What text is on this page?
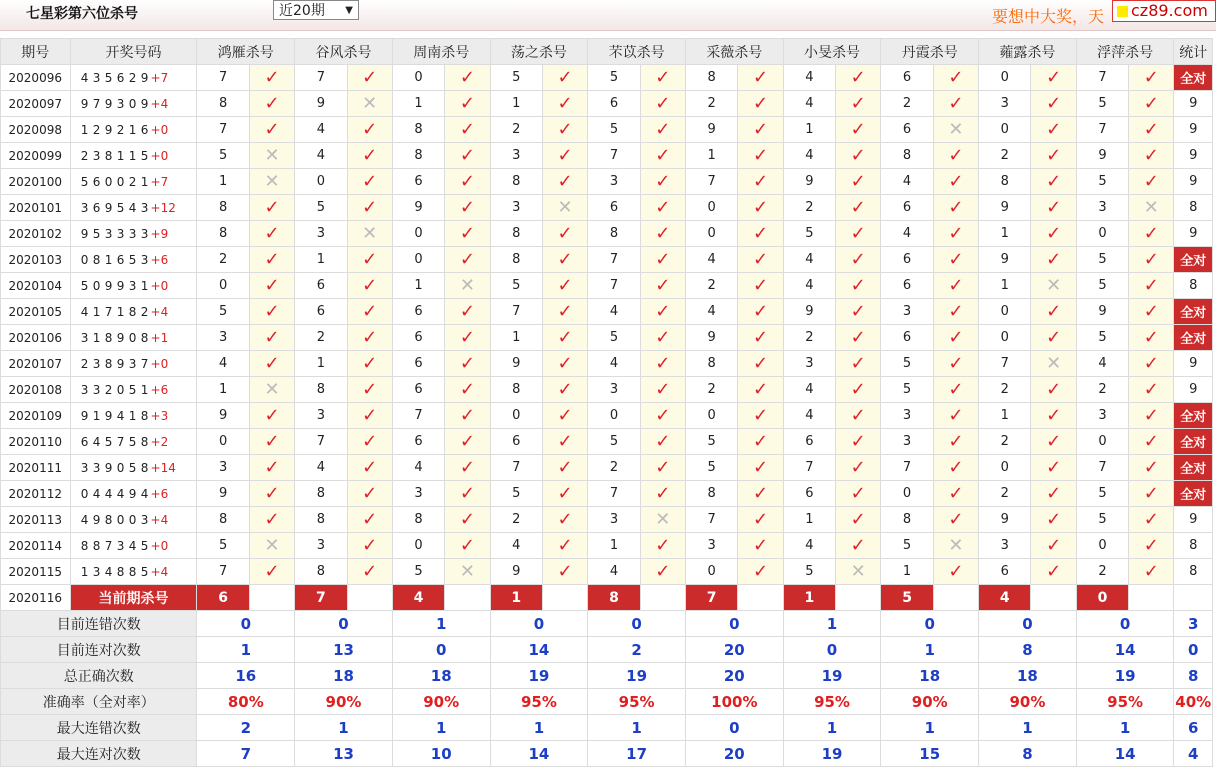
七星彩第六位杀号	近20期 ▼	要想中大奖，天	cz89.com
期号	开奖号码	鸿雁杀号		谷风杀号		周南杀号		荡之杀号		芣苡杀号		采薇杀号		小旻杀号		丹霞杀号		蕹露杀号		浮萍杀号		统计
2020096	4 3 5 6 2 9 +7	7	✓	7	✓	0	✓	5	✓	5	✓	8	✓	4	✓	6	✓	0	✓	7	✓	全对
2020097	9 7 9 3 0 9 +4	8	✓	9	✕	1	✓	1	✓	6	✓	2	✓	4	✓	2	✓	3	✓	5	✓	9
2020098	1 2 9 2 1 6 +0	7	✓	4	✓	8	✓	2	✓	5	✓	9	✓	1	✓	6	✕	0	✓	7	✓	9
2020099	2 3 8 1 1 5 +0	5	✕	4	✓	8	✓	3	✓	7	✓	1	✓	4	✓	8	✓	2	✓	9	✓	9
2020100	5 6 0 0 2 1 +7	1	✕	0	✓	6	✓	8	✓	3	✓	7	✓	9	✓	4	✓	8	✓	5	✓	9
2020101	3 6 9 5 4 3 +12	8	✓	5	✓	9	✓	3	✕	6	✓	0	✓	2	✓	6	✓	9	✓	3	✕	8
2020102	9 5 3 3 3 3 +9	8	✓	3	✕	0	✓	8	✓	8	✓	0	✓	5	✓	4	✓	1	✓	0	✓	9
2020103	0 8 1 6 5 3 +6	2	✓	1	✓	0	✓	8	✓	7	✓	4	✓	4	✓	6	✓	9	✓	5	✓	全对
2020104	5 0 9 9 3 1 +0	0	✓	6	✓	1	✕	5	✓	7	✓	2	✓	4	✓	6	✓	1	✕	5	✓	8
2020105	4 1 7 1 8 2 +4	5	✓	6	✓	6	✓	7	✓	4	✓	4	✓	9	✓	3	✓	0	✓	9	✓	全对
2020106	3 1 8 9 0 8 +1	3	✓	2	✓	6	✓	1	✓	5	✓	9	✓	2	✓	6	✓	0	✓	5	✓	全对
2020107	2 3 8 9 3 7 +0	4	✓	1	✓	6	✓	9	✓	4	✓	8	✓	3	✓	5	✓	7	✕	4	✓	9
2020108	3 3 2 0 5 1 +6	1	✕	8	✓	6	✓	8	✓	3	✓	2	✓	4	✓	5	✓	2	✓	2	✓	9
2020109	9 1 9 4 1 8 +3	9	✓	3	✓	7	✓	0	✓	0	✓	0	✓	4	✓	3	✓	1	✓	3	✓	全对
2020110	6 4 5 7 5 8 +2	0	✓	7	✓	6	✓	6	✓	5	✓	5	✓	6	✓	3	✓	2	✓	0	✓	全对
2020111	3 3 9 0 5 8 +14	3	✓	4	✓	4	✓	7	✓	2	✓	5	✓	7	✓	7	✓	0	✓	7	✓	全对
2020112	0 4 4 4 9 4 +6	9	✓	8	✓	3	✓	5	✓	7	✓	8	✓	6	✓	0	✓	2	✓	5	✓	全对
2020113	4 9 8 0 0 3 +4	8	✓	8	✓	8	✓	2	✓	3	✕	7	✓	1	✓	8	✓	9	✓	5	✓	9
2020114	8 8 7 3 4 5 +0	5	✕	3	✓	0	✓	4	✓	1	✓	3	✓	4	✓	5	✕	3	✓	0	✓	8
2020115	1 3 4 8 8 5 +4	7	✓	8	✓	5	✕	9	✓	4	✓	0	✓	5	✕	1	✓	6	✓	2	✓	8
2020116	当前期杀号	6		7		4		1		8		7		1		5		4		0		
目前连错次数		0		0		1		0		0		0		1		0		0		0		3
目前连对次数		1		13		0		14		2		20		0		1		8		14		0
总正确次数		16		18		18		19		19		20		19		18		18		19		8
准确率（全对率）		80%		90%		90%		95%		95%		100%		95%		90%		90%		95%		40%
最大连错次数		2		1		1		1		1		0		1		1		1		1		6
最大连对次数		7		13		10		14		17		20		19		15		8		14		4
